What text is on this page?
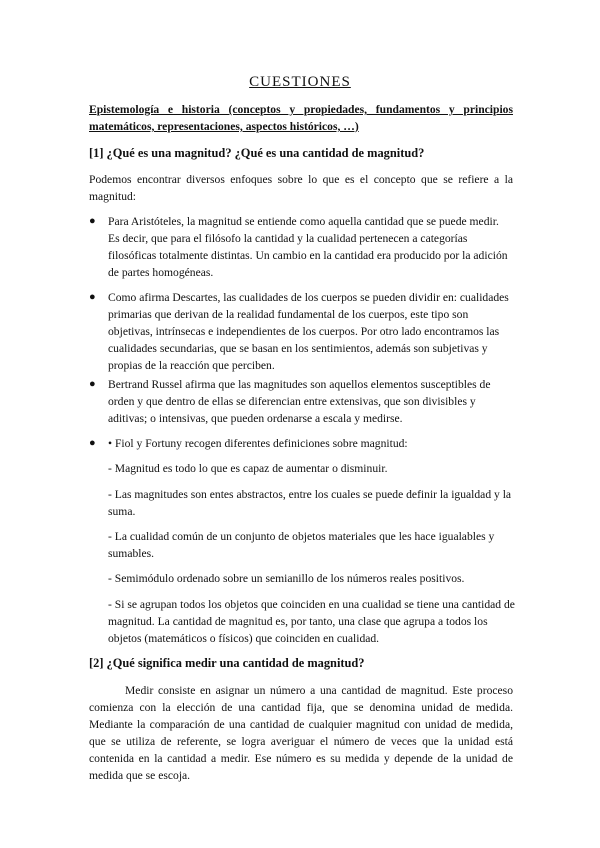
CUESTIONES
Epistemología e historia (conceptos y propiedades, fundamentos y principios matemáticos, representaciones, aspectos históricos, …)
[1] ¿Qué es una magnitud? ¿Qué es una cantidad de magnitud?

Podemos encontrar diversos enfoques sobre lo que es el concepto que se refiere a la magnitud:

●	Para Aristóteles, la magnitud se entiende como aquella cantidad que se puede medir. Es decir, que para el filósofo la cantidad y la cualidad pertenecen a categorías filosóficas totalmente distintas. Un cambio en la cantidad era producido por la adición de partes homogéneas.
●	Como afirma Descartes, las cualidades de los cuerpos se pueden dividir en: cualidades primarias que derivan de la realidad fundamental de los cuerpos, este tipo son objetivas, intrínsecas e independientes de los cuerpos. Por otro lado encontramos las cualidades secundarias, que se basan en los sentimientos, además son subjetivas y propias de la reacción que perciben.
●	Bertrand Russel afirma que las magnitudes son aquellos elementos susceptibles de orden y que dentro de ellas se diferencian entre extensivas, que son divisibles y aditivas; o intensivas, que pueden ordenarse a escala y medirse.
●	• Fiol y Fortuny recogen diferentes definiciones sobre magnitud:
- Magnitud es todo lo que es capaz de aumentar o disminuir.
- Las magnitudes son entes abstractos, entre los cuales se puede definir la igualdad y la suma.
- La cualidad común de un conjunto de objetos materiales que les hace igualables y sumables.
- Semimódulo ordenado sobre un semianillo de los números reales positivos.
- Si se agrupan todos los objetos que coinciden en una cualidad se tiene una cantidad de magnitud. La cantidad de magnitud es, por tanto, una clase que agrupa a todos los objetos (matemáticos o físicos) que coinciden en cualidad.
[2] ¿Qué significa medir una cantidad de magnitud?

Medir consiste en asignar un número a una cantidad de magnitud. Este proceso comienza con la elección de una cantidad fija, que se denomina unidad de medida. Mediante la comparación de una cantidad de cualquier magnitud con unidad de medida, que se utiliza de referente, se logra averiguar el número de veces que la unidad está contenida en la cantidad a medir. Ese número es su medida y depende de la unidad de medida que se escoja.
